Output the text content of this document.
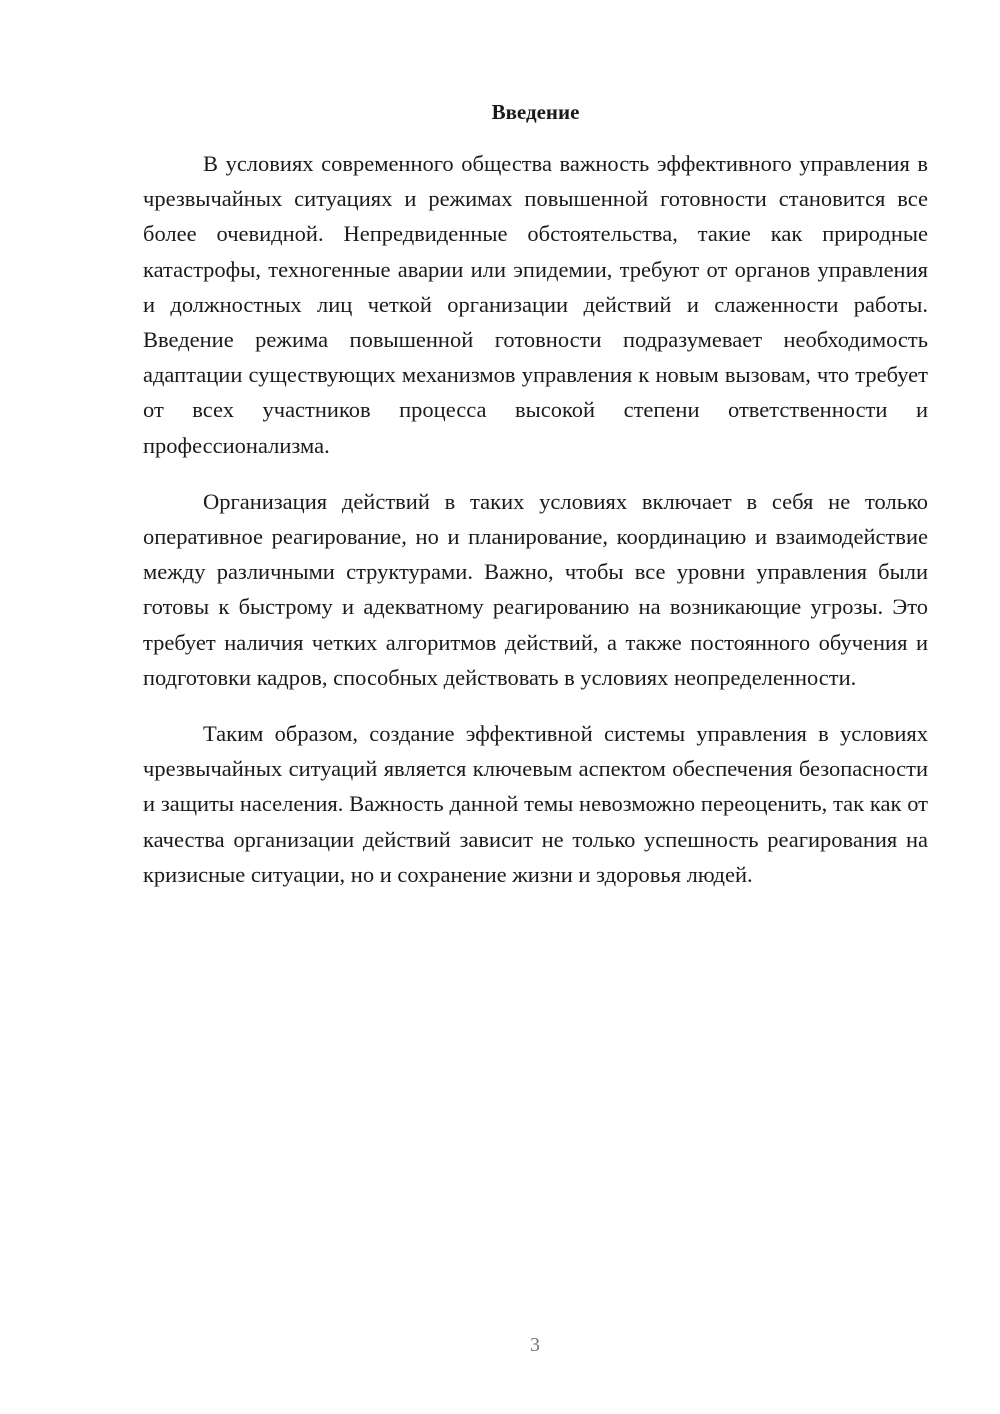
Введение

В условиях современного общества важность эффективного управления в чрезвычайных ситуациях и режимах повышенной готовности становится все более очевидной. Непредвиденные обстоятельства, такие как природные катастрофы, техногенные аварии или эпидемии, требуют от органов управления и должностных лиц четкой организации действий и слаженности работы. Введение режима повышенной готовности подразумевает необходимость адаптации существующих механизмов управления к новым вызовам, что требует от всех участников процесса высокой степени ответственности и профессионализма.

Организация действий в таких условиях включает в себя не только оперативное реагирование, но и планирование, координацию и взаимодействие между различными структурами. Важно, чтобы все уровни управления были готовы к быстрому и адекватному реагированию на возникающие угрозы. Это требует наличия четких алгоритмов действий, а также постоянного обучения и подготовки кадров, способных действовать в условиях неопределенности.

Таким образом, создание эффективной системы управления в условиях чрезвычайных ситуаций является ключевым аспектом обеспечения безопасности и защиты населения. Важность данной темы невозможно переоценить, так как от качества организации действий зависит не только успешность реагирования на кризисные ситуации, но и сохранение жизни и здоровья людей.

3
